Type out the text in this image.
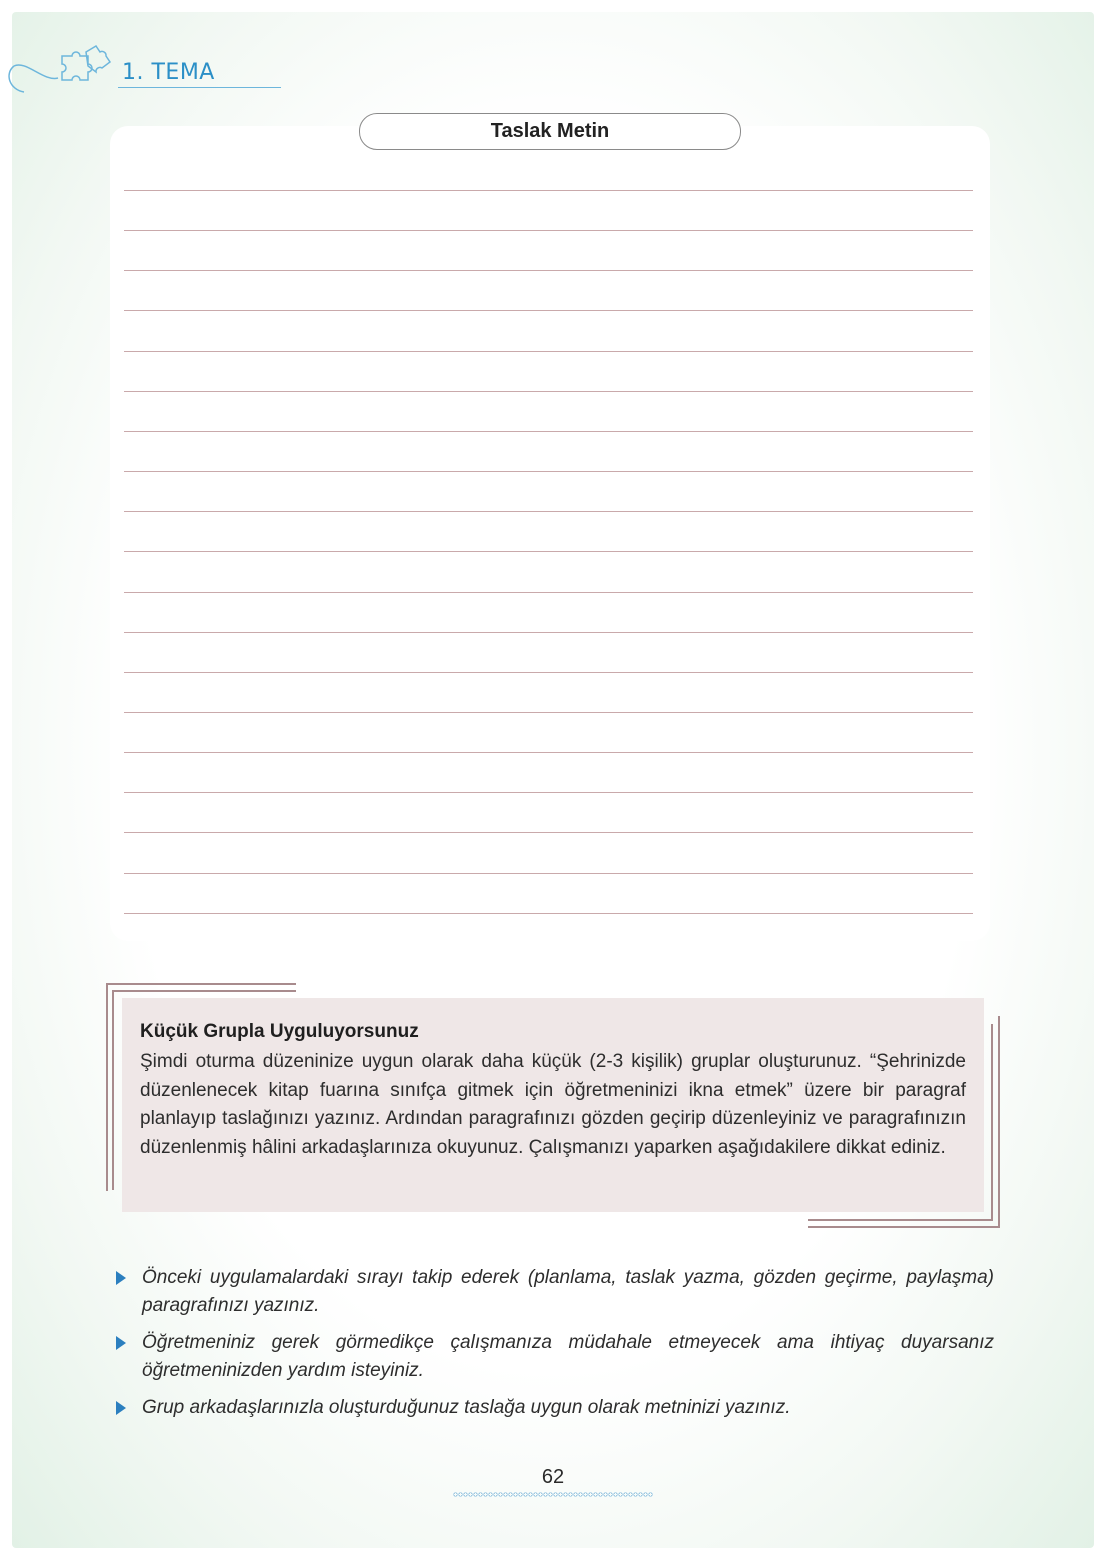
1. TEMA
Taslak Metin

Küçük Grupla Uyguluyorsunuz

Şimdi oturma düzeninize uygun olarak daha küçük (2-3 kişilik) gruplar oluşturunuz. “Şehrinizde düzenlenecek kitap fuarına sınıfça gitmek için öğretmeninizi ikna etmek” üzere bir paragraf planlayıp taslağınızı yazınız. Ardından paragrafınızı gözden geçirip düzenleyiniz ve paragrafınızın düzenlenmiş hâlini arkadaşlarınıza okuyunuz. Çalışmanızı yaparken aşağıdakilere dikkat ediniz.

Önceki uygulamalardaki sırayı takip ederek (planlama, taslak yazma, gözden geçirme, paylaşma) paragrafınızı yazınız.

Öğretmeniniz gerek görmedikçe çalışmanıza müdahale etmeyecek ama ihtiyaç duyarsanız öğretmeninizden yardım isteyiniz.

Grup arkadaşlarınızla oluşturduğunuz taslağa uygun olarak metninizi yazınız.

62
